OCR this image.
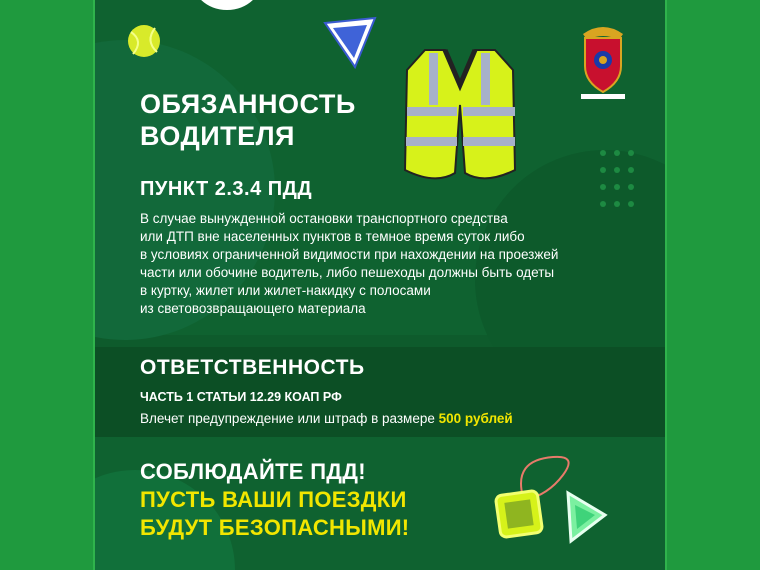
ОБЯЗАННОСТЬ
ВОДИТЕЛЯ
ПУНКТ 2.3.4 ПДД

В случае вынужденной остановки транспортного средства
или ДТП вне населенных пунктов в темное время суток либо
в условиях ограниченной видимости при нахождении на проезжей
части или обочине водитель, либо пешеходы должны быть одеты
в куртку, жилет или жилет-накидку с полосами
из световозвращающего материала

ОТВЕТСТВЕННОСТЬ

ЧАСТЬ 1 СТАТЬИ 12.29 КОАП РФ

Влечет предупреждение или штраф в размере 500 рублей

СОБЛЮДАЙТЕ ПДД!

ПУСТЬ ВАШИ ПОЕЗДКИ
БУДУТ БЕЗОПАСНЫМИ!
